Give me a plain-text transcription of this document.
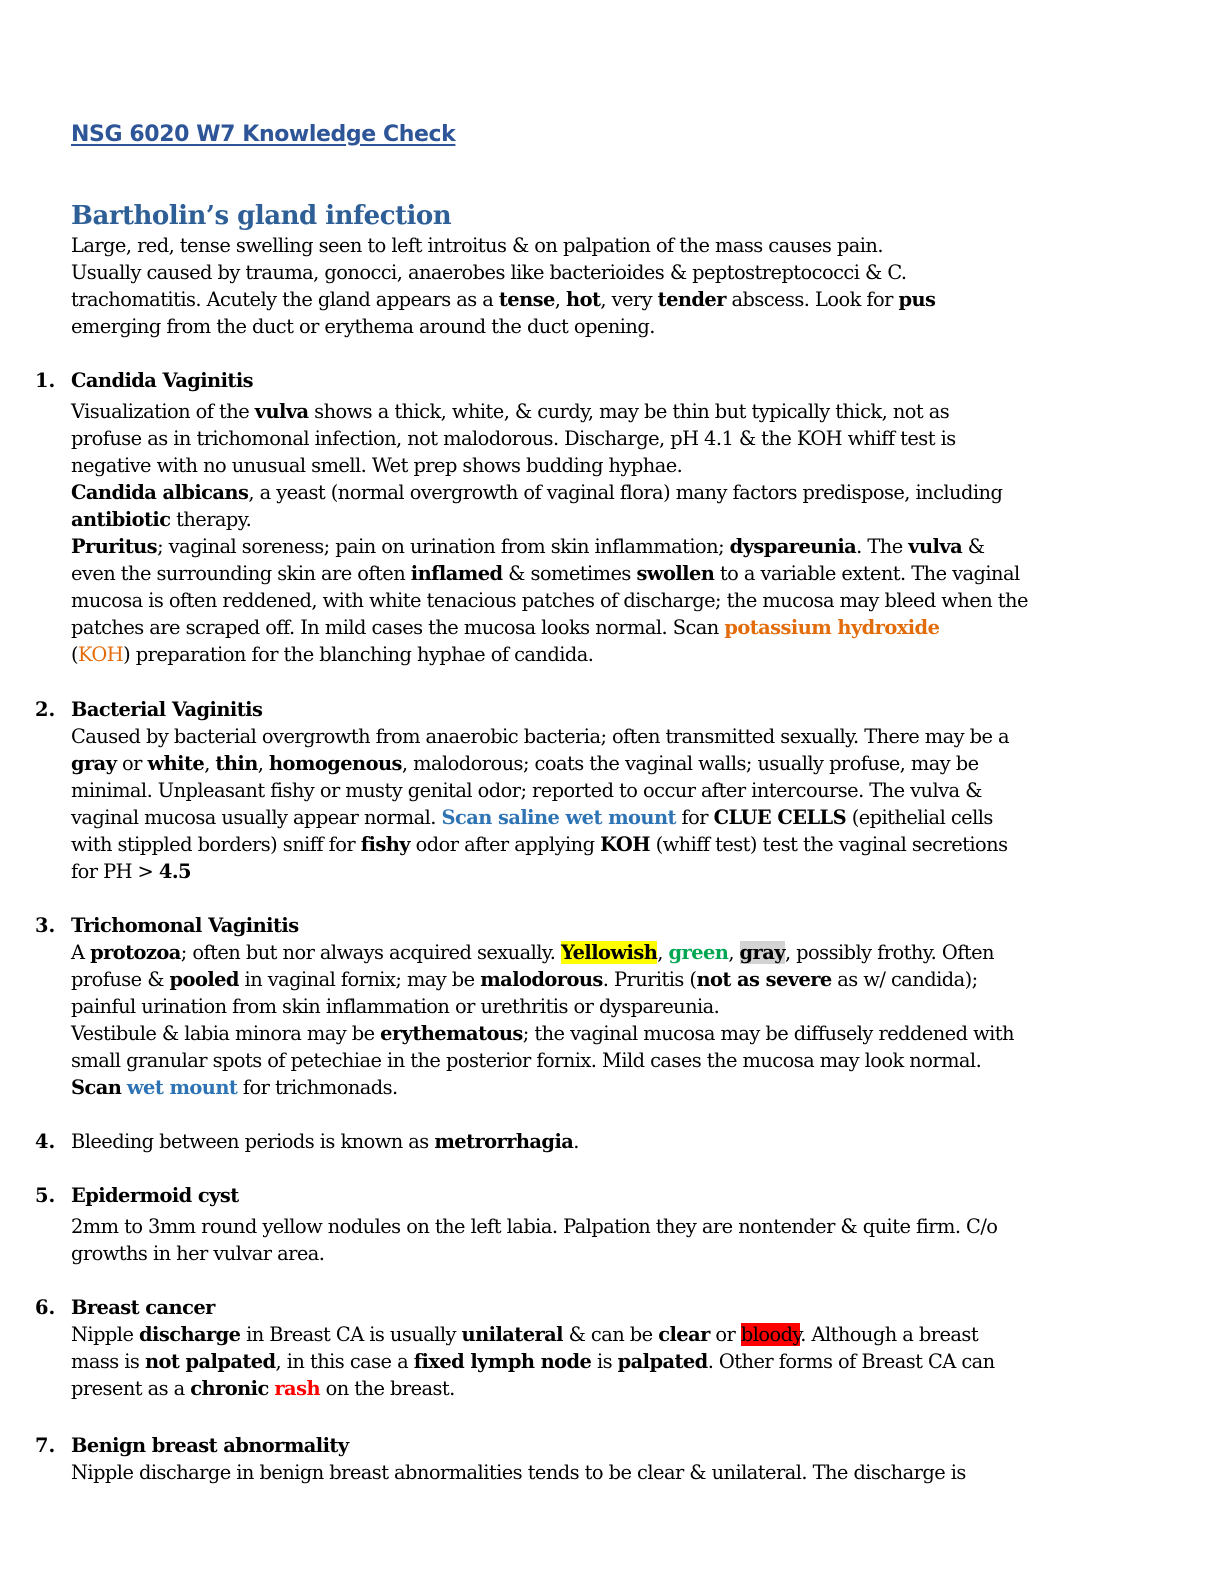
NSG 6020 W7 Knowledge Check
Bartholin’s gland infection
Large, red, tense swelling seen to left introitus & on palpation of the mass causes pain.
Usually caused by trauma, gonocci, anaerobes like bacterioides & peptostreptococci & C.
trachomatitis. Acutely the gland appears as a tense, hot, very tender abscess. Look for pus
emerging from the duct or erythema around the duct opening.
1. Candida Vaginitis
Visualization of the vulva shows a thick, white, & curdy, may be thin but typically thick, not as
profuse as in trichomonal infection, not malodorous. Discharge, pH 4.1 & the KOH whiff test is
negative with no unusual smell. Wet prep shows budding hyphae.
Candida albicans, a yeast (normal overgrowth of vaginal flora) many factors predispose, including
antibiotic therapy.
Pruritus; vaginal soreness; pain on urination from skin inflammation; dyspareunia. The vulva &
even the surrounding skin are often inflamed & sometimes swollen to a variable extent. The vaginal
mucosa is often reddened, with white tenacious patches of discharge; the mucosa may bleed when the
patches are scraped off. In mild cases the mucosa looks normal. Scan potassium hydroxide
(KOH) preparation for the blanching hyphae of candida.
2. Bacterial Vaginitis
Caused by bacterial overgrowth from anaerobic bacteria; often transmitted sexually. There may be a
gray or white, thin, homogenous, malodorous; coats the vaginal walls; usually profuse, may be
minimal. Unpleasant fishy or musty genital odor; reported to occur after intercourse. The vulva &
vaginal mucosa usually appear normal. Scan saline wet mount for CLUE CELLS (epithelial cells
with stippled borders) sniff for fishy odor after applying KOH (whiff test) test the vaginal secretions
for PH > 4.5
3. Trichomonal Vaginitis
A protozoa; often but nor always acquired sexually. Yellowish, green, gray, possibly frothy. Often
profuse & pooled in vaginal fornix; may be malodorous. Pruritis (not as severe as w/ candida);
painful urination from skin inflammation or urethritis or dyspareunia.
Vestibule & labia minora may be erythematous; the vaginal mucosa may be diffusely reddened with
small granular spots of petechiae in the posterior fornix. Mild cases the mucosa may look normal.
Scan wet mount for trichmonads.
4. Bleeding between periods is known as metrorrhagia.
5. Epidermoid cyst
2mm to 3mm round yellow nodules on the left labia. Palpation they are nontender & quite firm. C/o
growths in her vulvar area.
6. Breast cancer
Nipple discharge in Breast CA is usually unilateral & can be clear or bloody. Although a breast
mass is not palpated, in this case a fixed lymph node is palpated. Other forms of Breast CA can
present as a chronic rash on the breast.
7. Benign breast abnormality
Nipple discharge in benign breast abnormalities tends to be clear & unilateral. The discharge is
